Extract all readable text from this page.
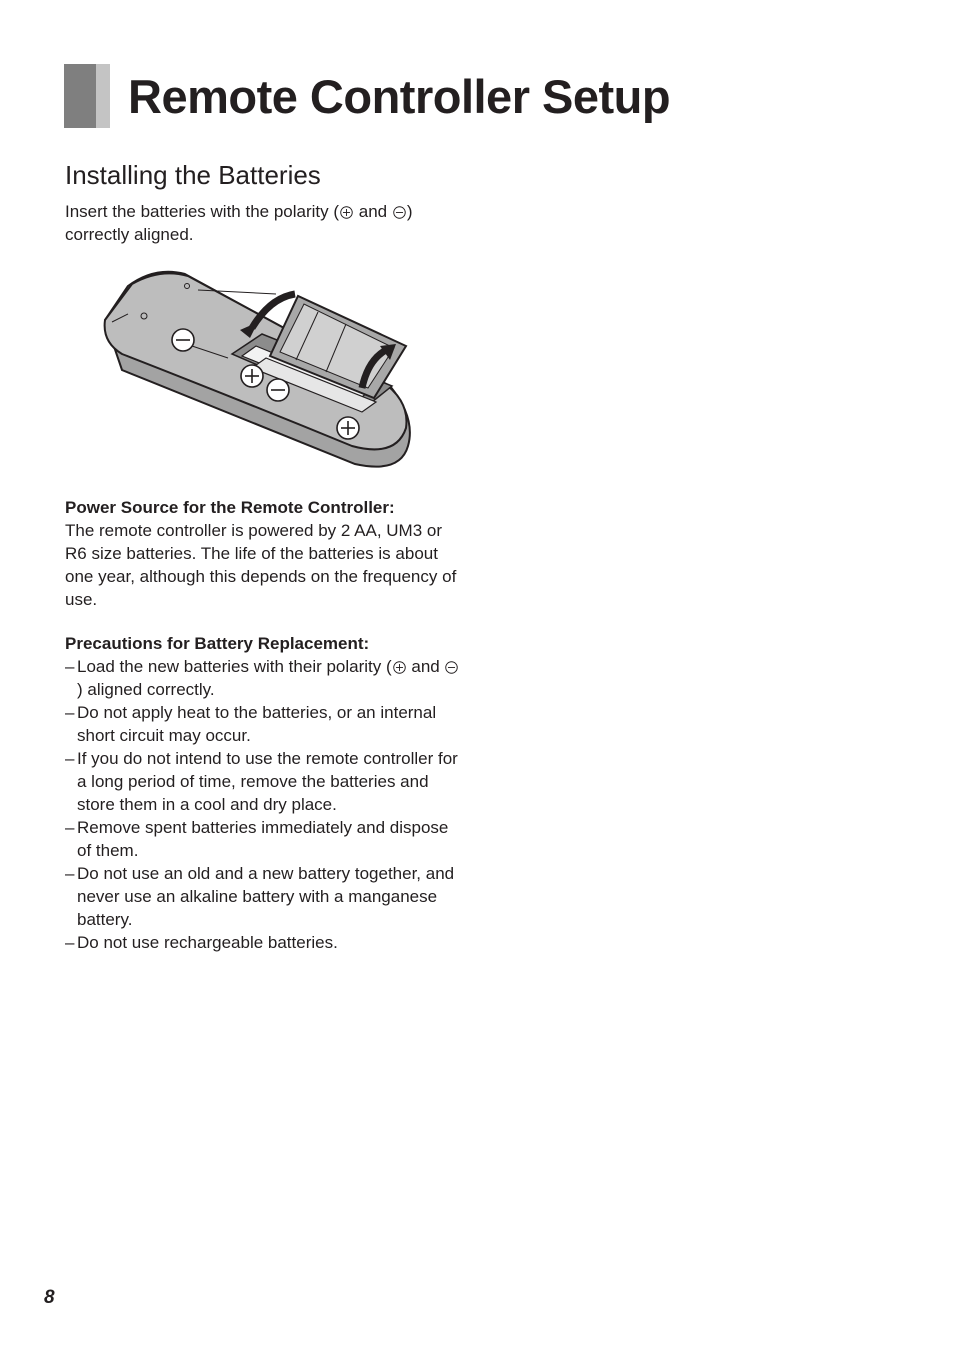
Remote Controller Setup
Installing the Batteries

Insert the batteries with the polarity ( and ) correctly aligned.

Power Source for the Remote Controller:
The remote controller is powered by 2 AA, UM3 or R6 size batteries. The life of the batteries is about one year, although this depends on the frequency of use.
Precautions for Battery Replacement:
– Load the new batteries with their polarity ( and ) aligned correctly.
– Do not apply heat to the batteries, or an internal short circuit may occur.
– If you do not intend to use the remote controller for a long period of time, remove the batteries and store them in a cool and dry place.
– Remove spent batteries immediately and dispose of them.
– Do not use an old and a new battery together, and never use an alkaline battery with a manganese battery.
– Do not use rechargeable batteries.
8
